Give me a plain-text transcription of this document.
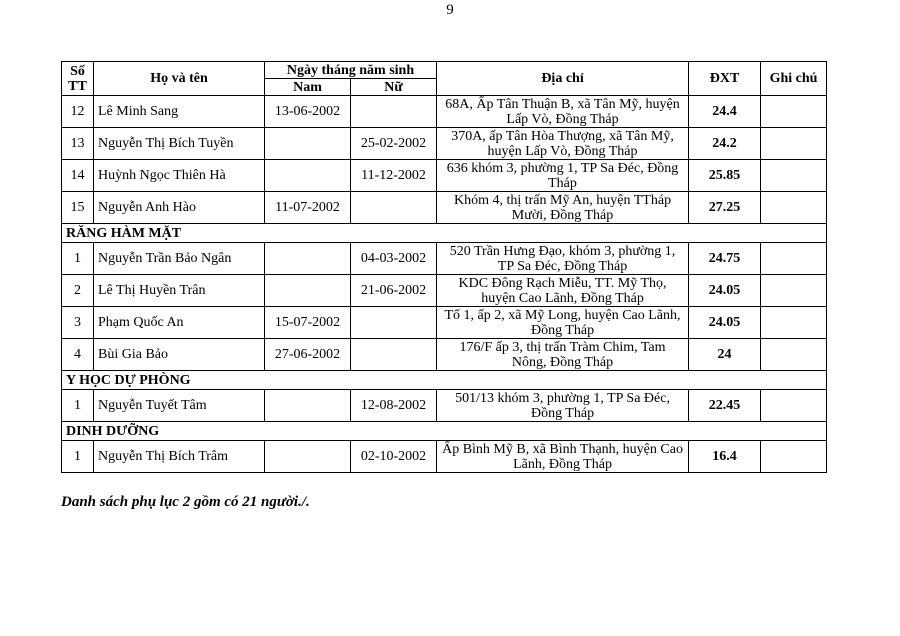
9
Số TT	Họ và tên	Ngày tháng năm sinh		Địa chỉ	ĐXT	Ghi chú
		Nam	Nữ			
12	Lê Minh Sang	13-06-2002		68A, Ấp Tân Thuận B, xã Tân Mỹ, huyện Lấp Vò, Đồng Tháp	24.4	
13	Nguyễn Thị Bích Tuyền		25-02-2002	370A, ấp Tân Hòa Thượng, xã Tân Mỹ, huyện Lấp Vò, Đồng Tháp	24.2	
14	Huỳnh Ngọc Thiên Hà		11-12-2002	636 khóm 3, phường 1, TP Sa Đéc, Đồng Tháp	25.85	
15	Nguyễn Anh Hào	11-07-2002		Khóm 4, thị trấn Mỹ An, huyện TTháp Mười, Đồng Tháp	27.25	
RĂNG HÀM MẶT						
1	Nguyễn Trần Bảo Ngân		04-03-2002	520 Trần Hưng Đạo, khóm 3, phường 1, TP Sa Đéc, Đồng Tháp	24.75	
2	Lê Thị Huyền Trân		21-06-2002	KDC Đông Rạch Miễu, TT. Mỹ Thọ, huyện Cao Lãnh, Đồng Tháp	24.05	
3	Phạm Quốc An	15-07-2002		Tổ 1, ấp 2, xã Mỹ Long, huyện Cao Lãnh, Đồng Tháp	24.05	
4	Bùi Gia Bảo	27-06-2002		176/F ấp 3, thị trấn Tràm Chim, Tam Nông, Đồng Tháp	24	
Y HỌC DỰ PHÒNG						
1	Nguyễn Tuyết Tâm		12-08-2002	501/13 khóm 3, phường 1, TP Sa Đéc, Đồng Tháp	22.45	
DINH DƯỠNG						
1	Nguyễn Thị Bích Trâm		02-10-2002	Ấp Bình Mỹ B, xã Bình Thạnh, huyện Cao Lãnh, Đồng Tháp	16.4	
Danh sách phụ lục 2 gồm có 21 người./.
